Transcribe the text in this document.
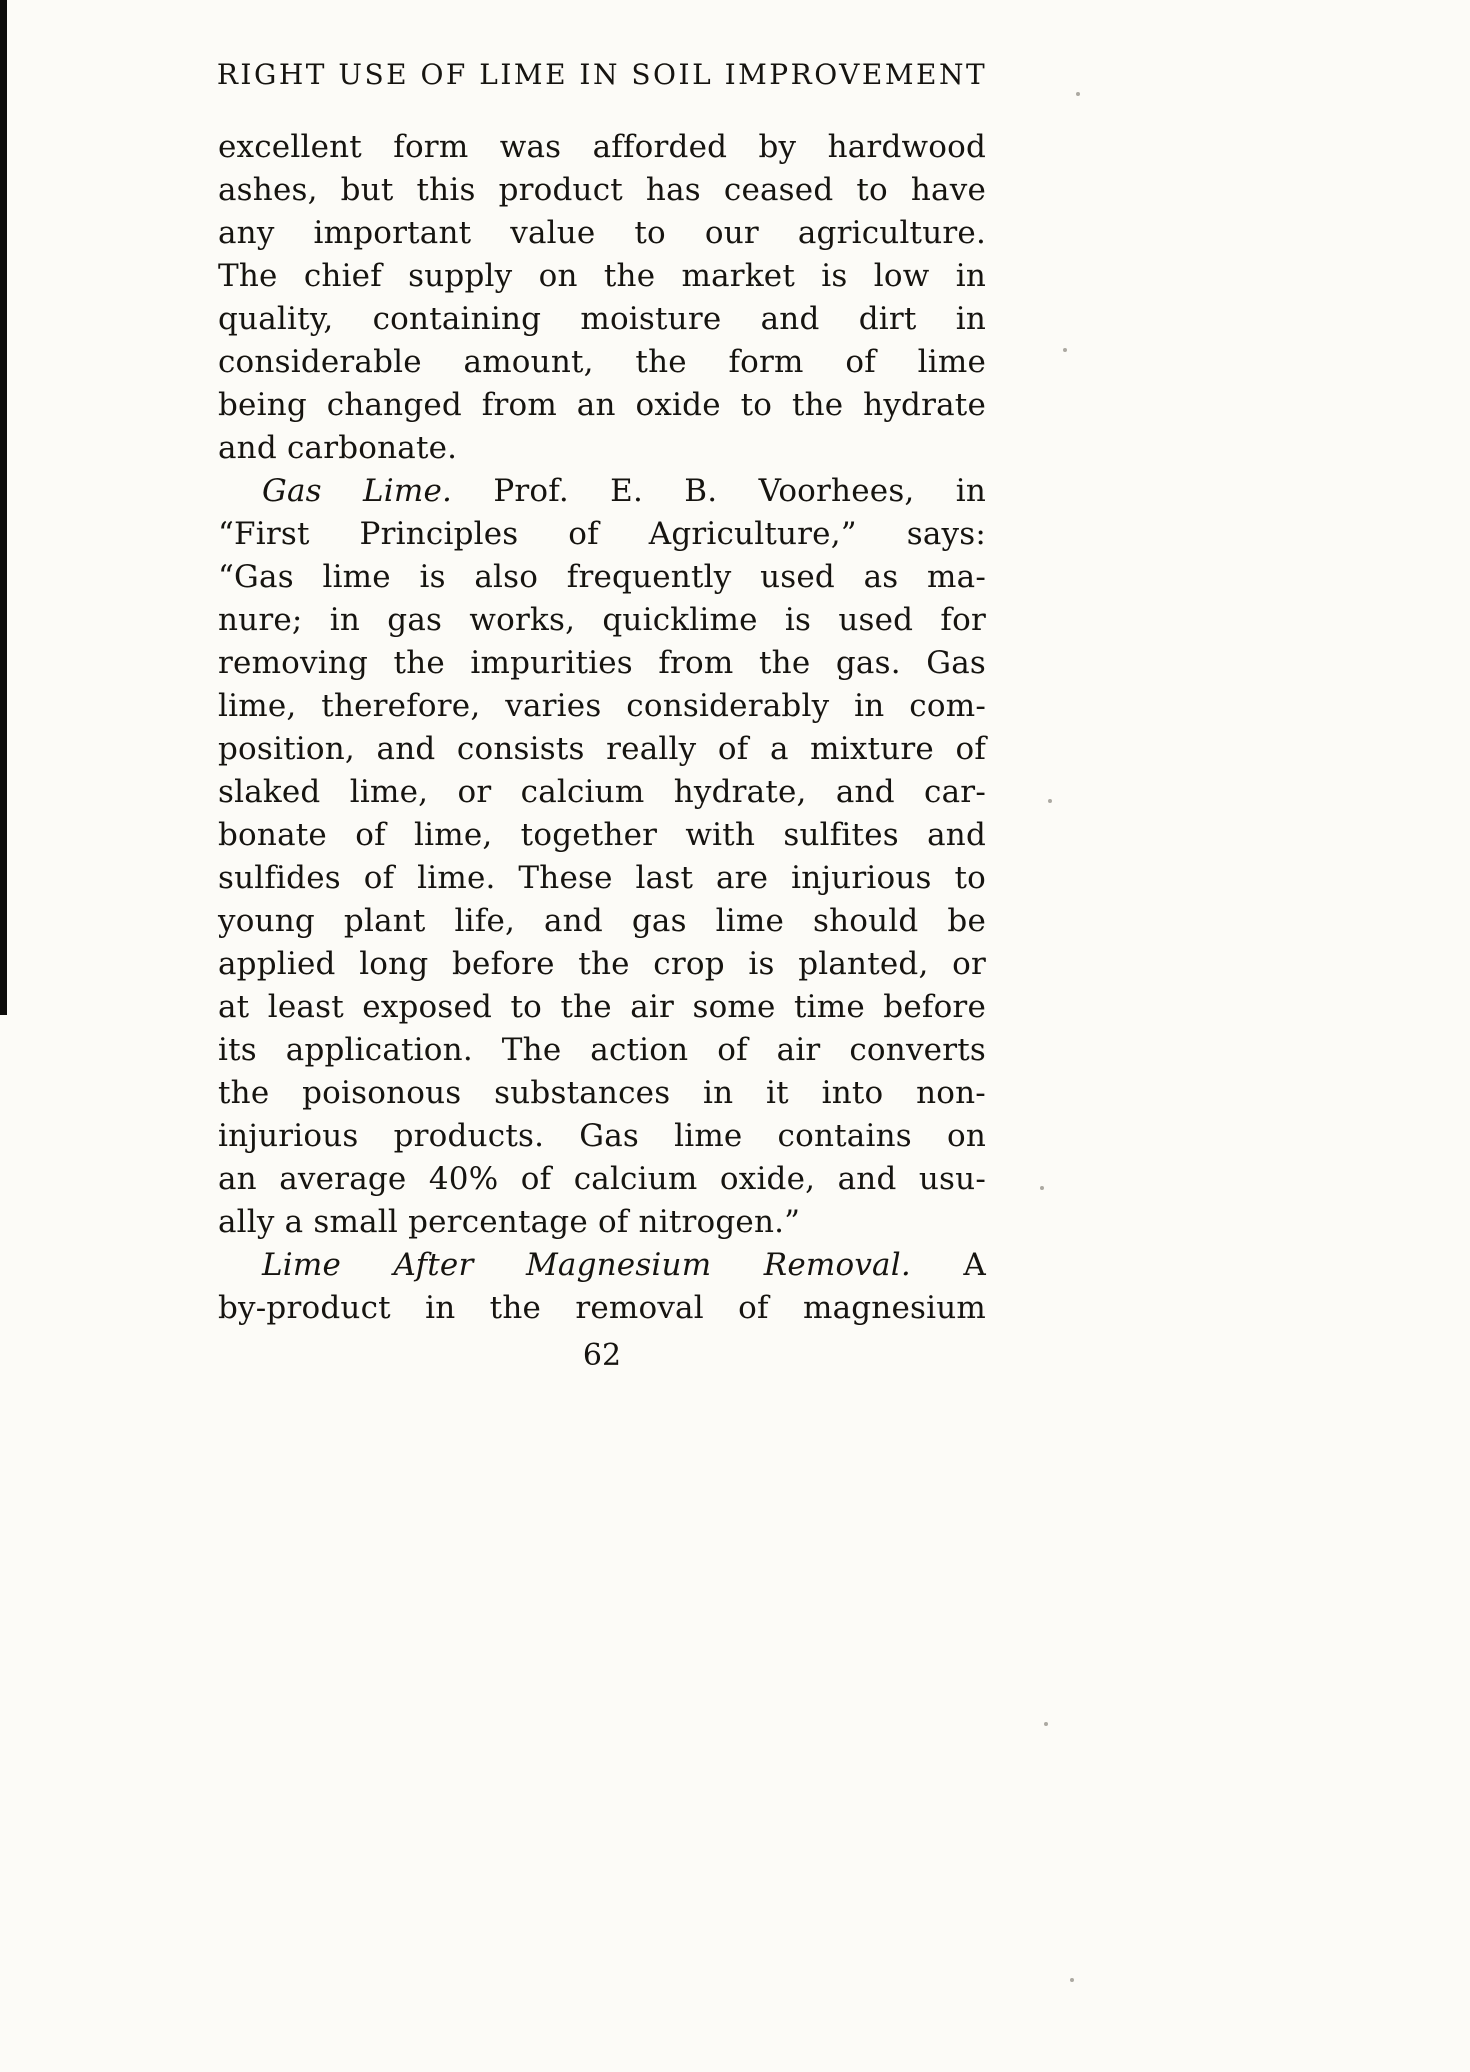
RIGHT USE OF LIME IN SOIL IMPROVEMENT
excellent form was afforded by hardwood
ashes, but this product has ceased to have
any important value to our agriculture.
The chief supply on the market is low in
quality, containing moisture and dirt in
considerable amount, the form of lime
being changed from an oxide to the hydrate
and carbonate.
Gas Lime. Prof. E. B. Voorhees, in
“First Principles of Agriculture,” says:
“Gas lime is also frequently used as ma-
nure; in gas works, quicklime is used for
removing the impurities from the gas. Gas
lime, therefore, varies considerably in com-
position, and consists really of a mixture of
slaked lime, or calcium hydrate, and car-
bonate of lime, together with sulfites and
sulfides of lime. These last are injurious to
young plant life, and gas lime should be
applied long before the crop is planted, or
at least exposed to the air some time before
its application. The action of air converts
the poisonous substances in it into non-
injurious products. Gas lime contains on
an average 40% of calcium oxide, and usu-
ally a small percentage of nitrogen.”
Lime After Magnesium Removal. A
by-product in the removal of magnesium
62
